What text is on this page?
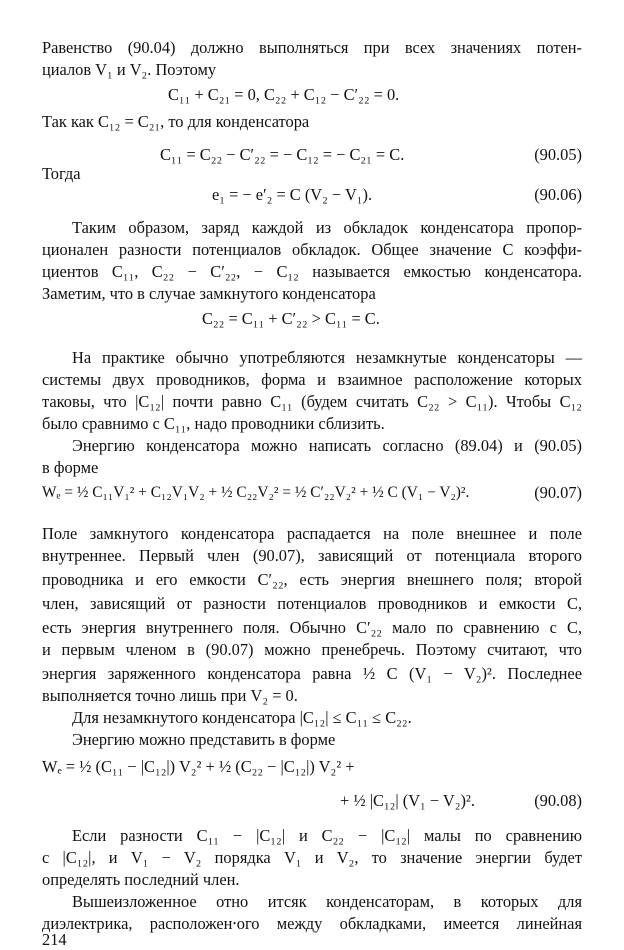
Равенство (90.04) должно выполняться при всех значениях потен-
циалов V₁ и V₂. Поэтому
C₁₁ + C₂₁ = 0, C₂₂ + C₁₂ − C′₂₂ = 0.
Так как C₁₂ = C₂₁, то для конденсатора
C₁₁ = C₂₂ − C′₂₂ = − C₁₂ = − C₂₁ = C.	(90.05)
Тогда
e₁ = − e′₂ = C (V₂ − V₁).	(90.06)
Таким образом, заряд каждой из обкладок конденсатора пропор-
ционален разности потенциалов обкладок. Общее значение C коэффи-
циентов C₁₁, C₂₂ − C′₂₂, − C₁₂ называется емкостью конденсатора.
Заметим, что в случае замкнутого конденсатора
C₂₂ = C₁₁ + C′₂₂ > C₁₁ = C.
На практике обычно употребляются незамкнутые конденсаторы —
системы двух проводников, форма и взаимное расположение которых
таковы, что |C₁₂| почти равно C₁₁ (будем считать C₂₂ > C₁₁). Чтобы C₁₂
было сравнимо с C₁₁, надо проводники сблизить.
Энергию конденсатора можно написать согласно (89.04) и (90.05)
в форме
Wₑ = ½ C₁₁V₁² + C₁₂V₁V₂ + ½ C₂₂V₂² = ½ C′₂₂V₂² + ½ C (V₁ − V₂)².	(90.07)
Поле замкнутого конденсатора распадается на поле внешнее и поле
внутреннее. Первый член (90.07), зависящий от потенциала второго
проводника и его емкости C′₂₂, есть энергия внешнего поля; второй
член, зависящий от разности потенциалов проводников и емкости C,
есть энергия внутреннего поля. Обычно C′₂₂ мало по сравнению с C,
и первым членом в (90.07) можно пренебречь. Поэтому считают, что
энергия заряженного конденсатора равна ½ C (V₁ − V₂)². Последнее
выполняется точно лишь при V₂ = 0.
Для незамкнутого конденсатора |C₁₂| ≤ C₁₁ ≤ C₂₂.
Энергию можно представить в форме
Wₑ = ½ (C₁₁ − |C₁₂|) V₂² + ½ (C₂₂ − |C₁₂|) V₂² +
+ ½ |C₁₂| (V₁ − V₂)².	(90.08)
Если разности C₁₁ − |C₁₂| и C₂₂ − |C₁₂| малы по сравнению
с |C₁₂|, и V₁ − V₂ порядка V₁ и V₂, то значение энергии будет
определять последний член.
Вышеизложенное отно итсяк конденсаторам, в которых для
диэлектрика, расположен⸱ого между обкладками, имеется линейная
214
